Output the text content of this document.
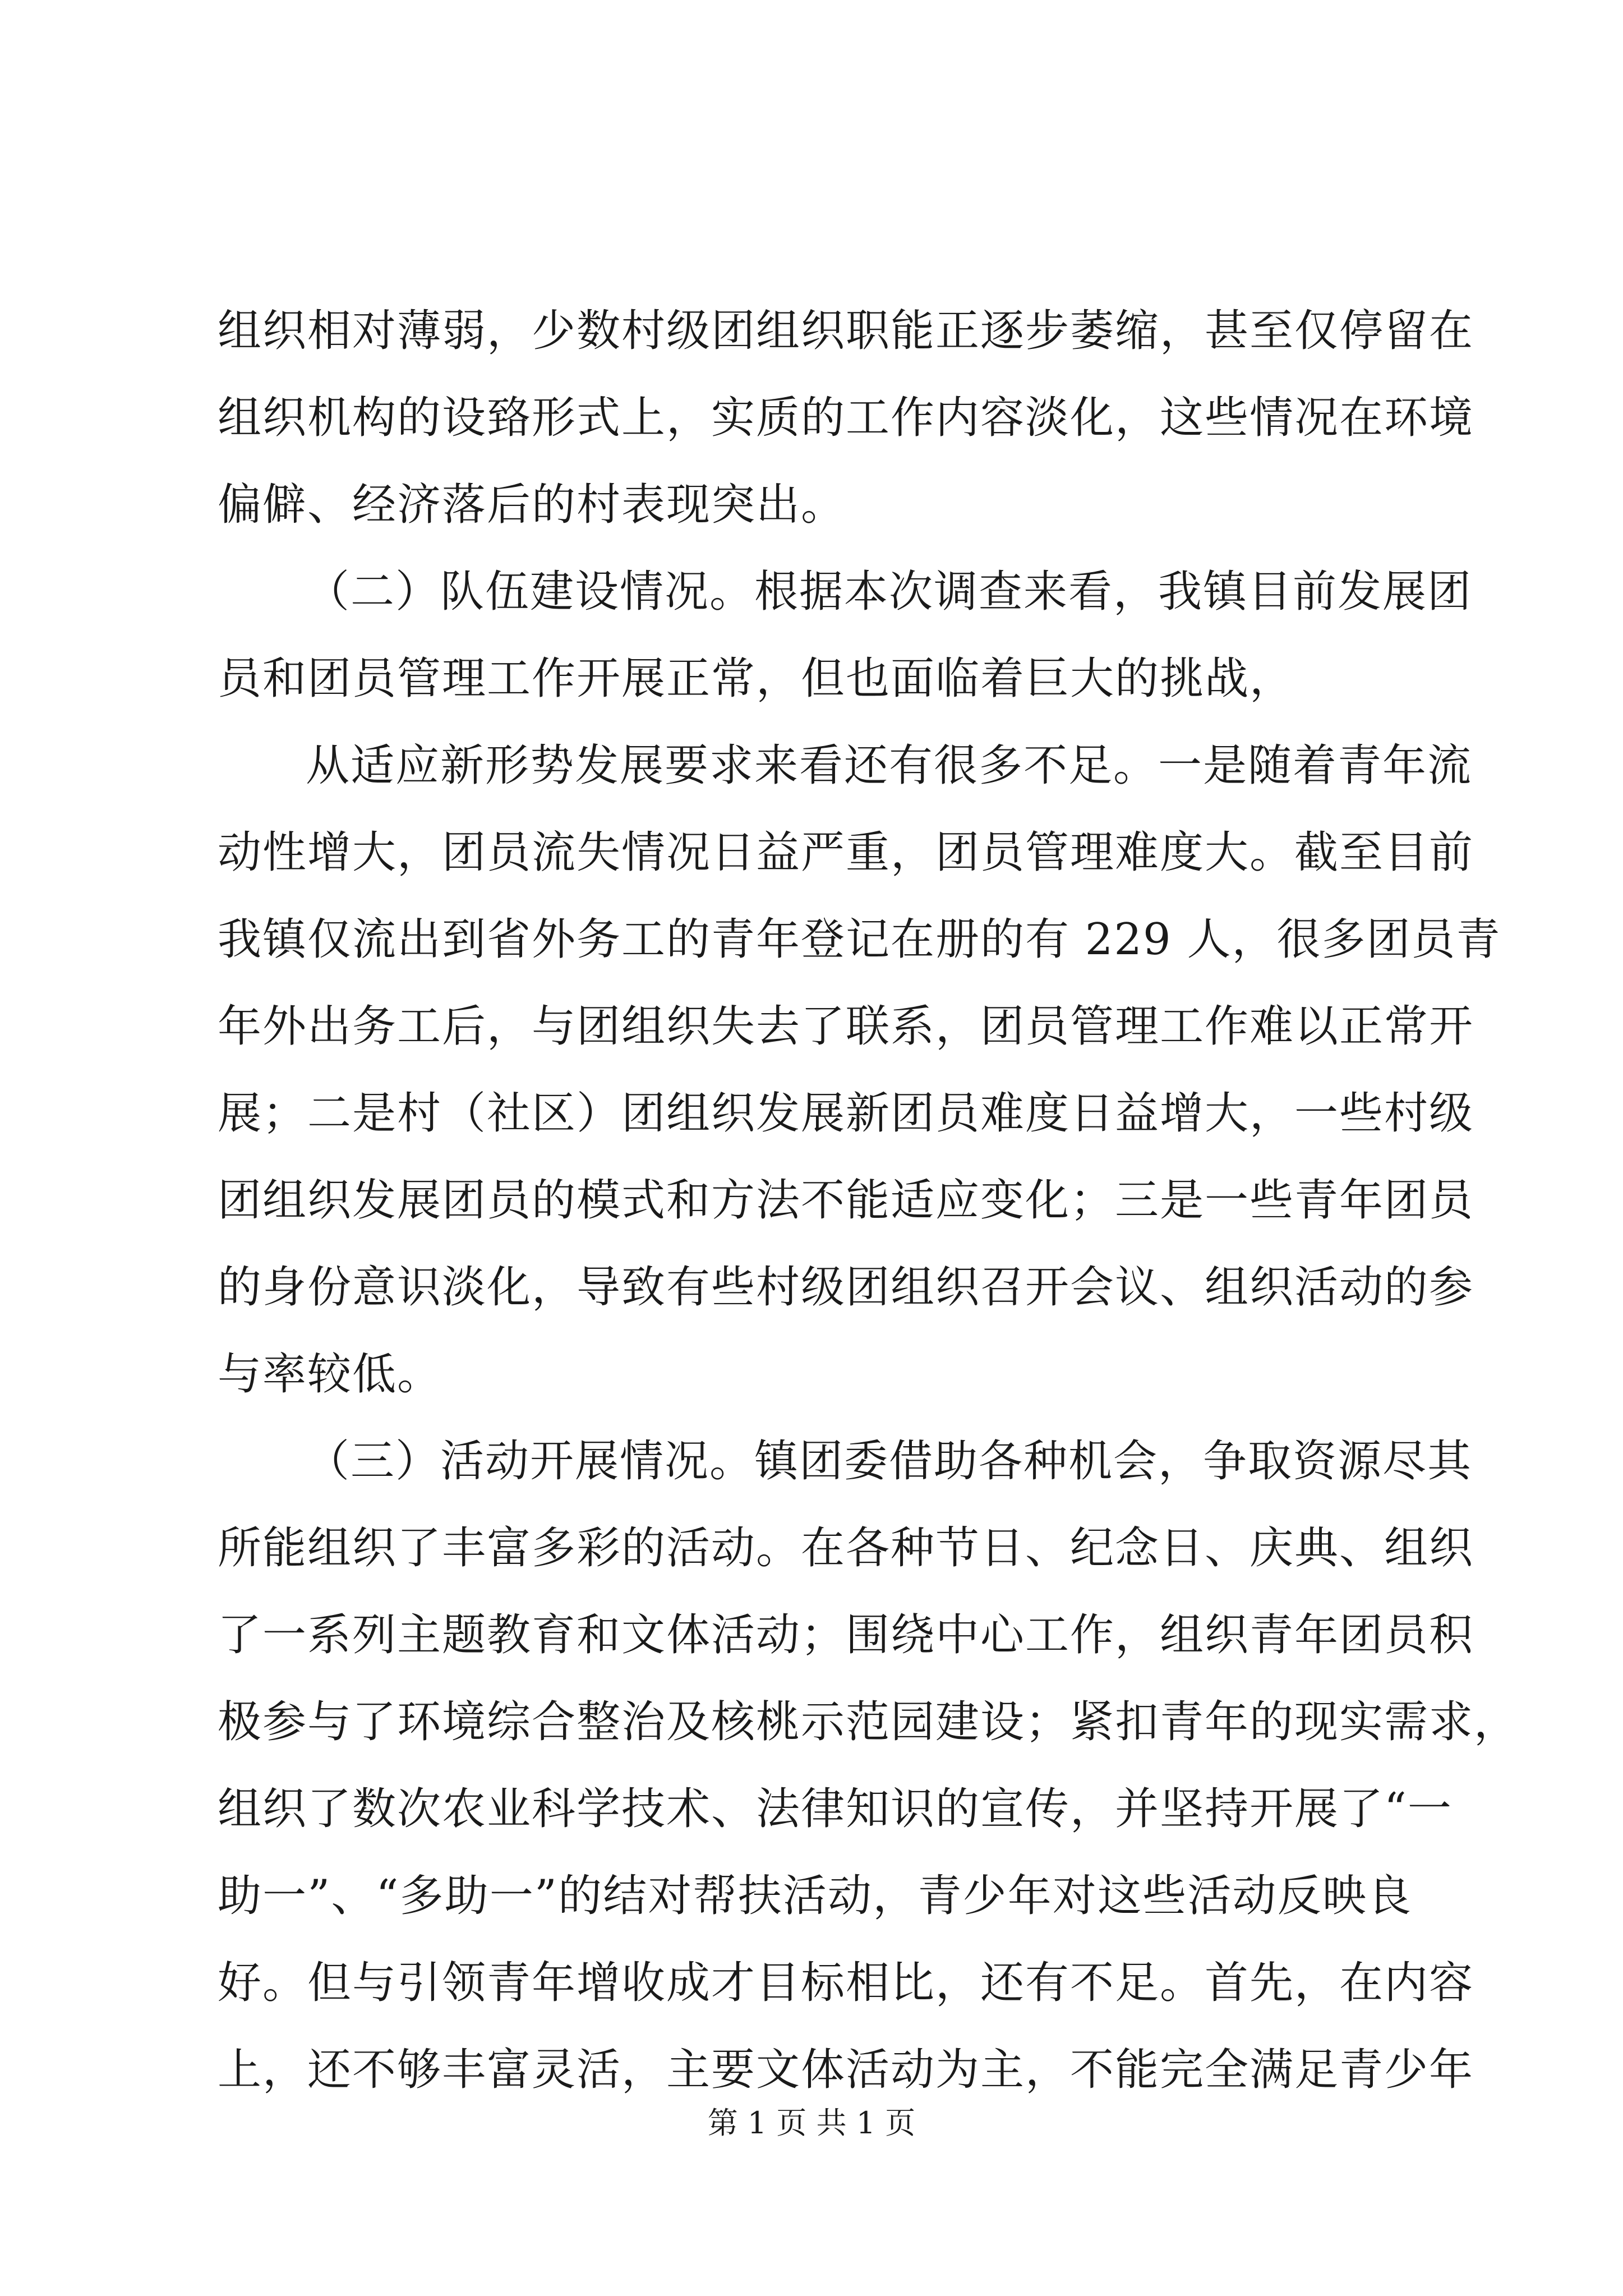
组织相对薄弱，少数村级团组织职能正逐步萎缩，甚至仅停留在
组织机构的设臵形式上，实质的工作内容淡化，这些情况在环境
偏僻、经济落后的村表现突出。
（二）队伍建设情况。根据本次调查来看，我镇目前发展团
员和团员管理工作开展正常，但也面临着巨大的挑战，
从适应新形势发展要求来看还有很多不足。一是随着青年流
动性增大，团员流失情况日益严重，团员管理难度大。截至目前
我镇仅流出到省外务工的青年登记在册的有 229 人，很多团员青
年外出务工后，与团组织失去了联系，团员管理工作难以正常开
展；二是村（社区）团组织发展新团员难度日益增大，一些村级
团组织发展团员的模式和方法不能适应变化；三是一些青年团员
的身份意识淡化，导致有些村级团组织召开会议、组织活动的参
与率较低。
（三）活动开展情况。镇团委借助各种机会，争取资源尽其
所能组织了丰富多彩的活动。在各种节日、纪念日、庆典、组织
了一系列主题教育和文体活动；围绕中心工作，组织青年团员积
极参与了环境综合整治及核桃示范园建设；紧扣青年的现实需求，
组织了数次农业科学技术、法律知识的宣传，并坚持开展了“一
助一”、“多助一”的结对帮扶活动，青少年对这些活动反映良
好。但与引领青年增收成才目标相比，还有不足。首先，在内容
上，还不够丰富灵活，主要文体活动为主，不能完全满足青少年
第 1 页 共 1 页
